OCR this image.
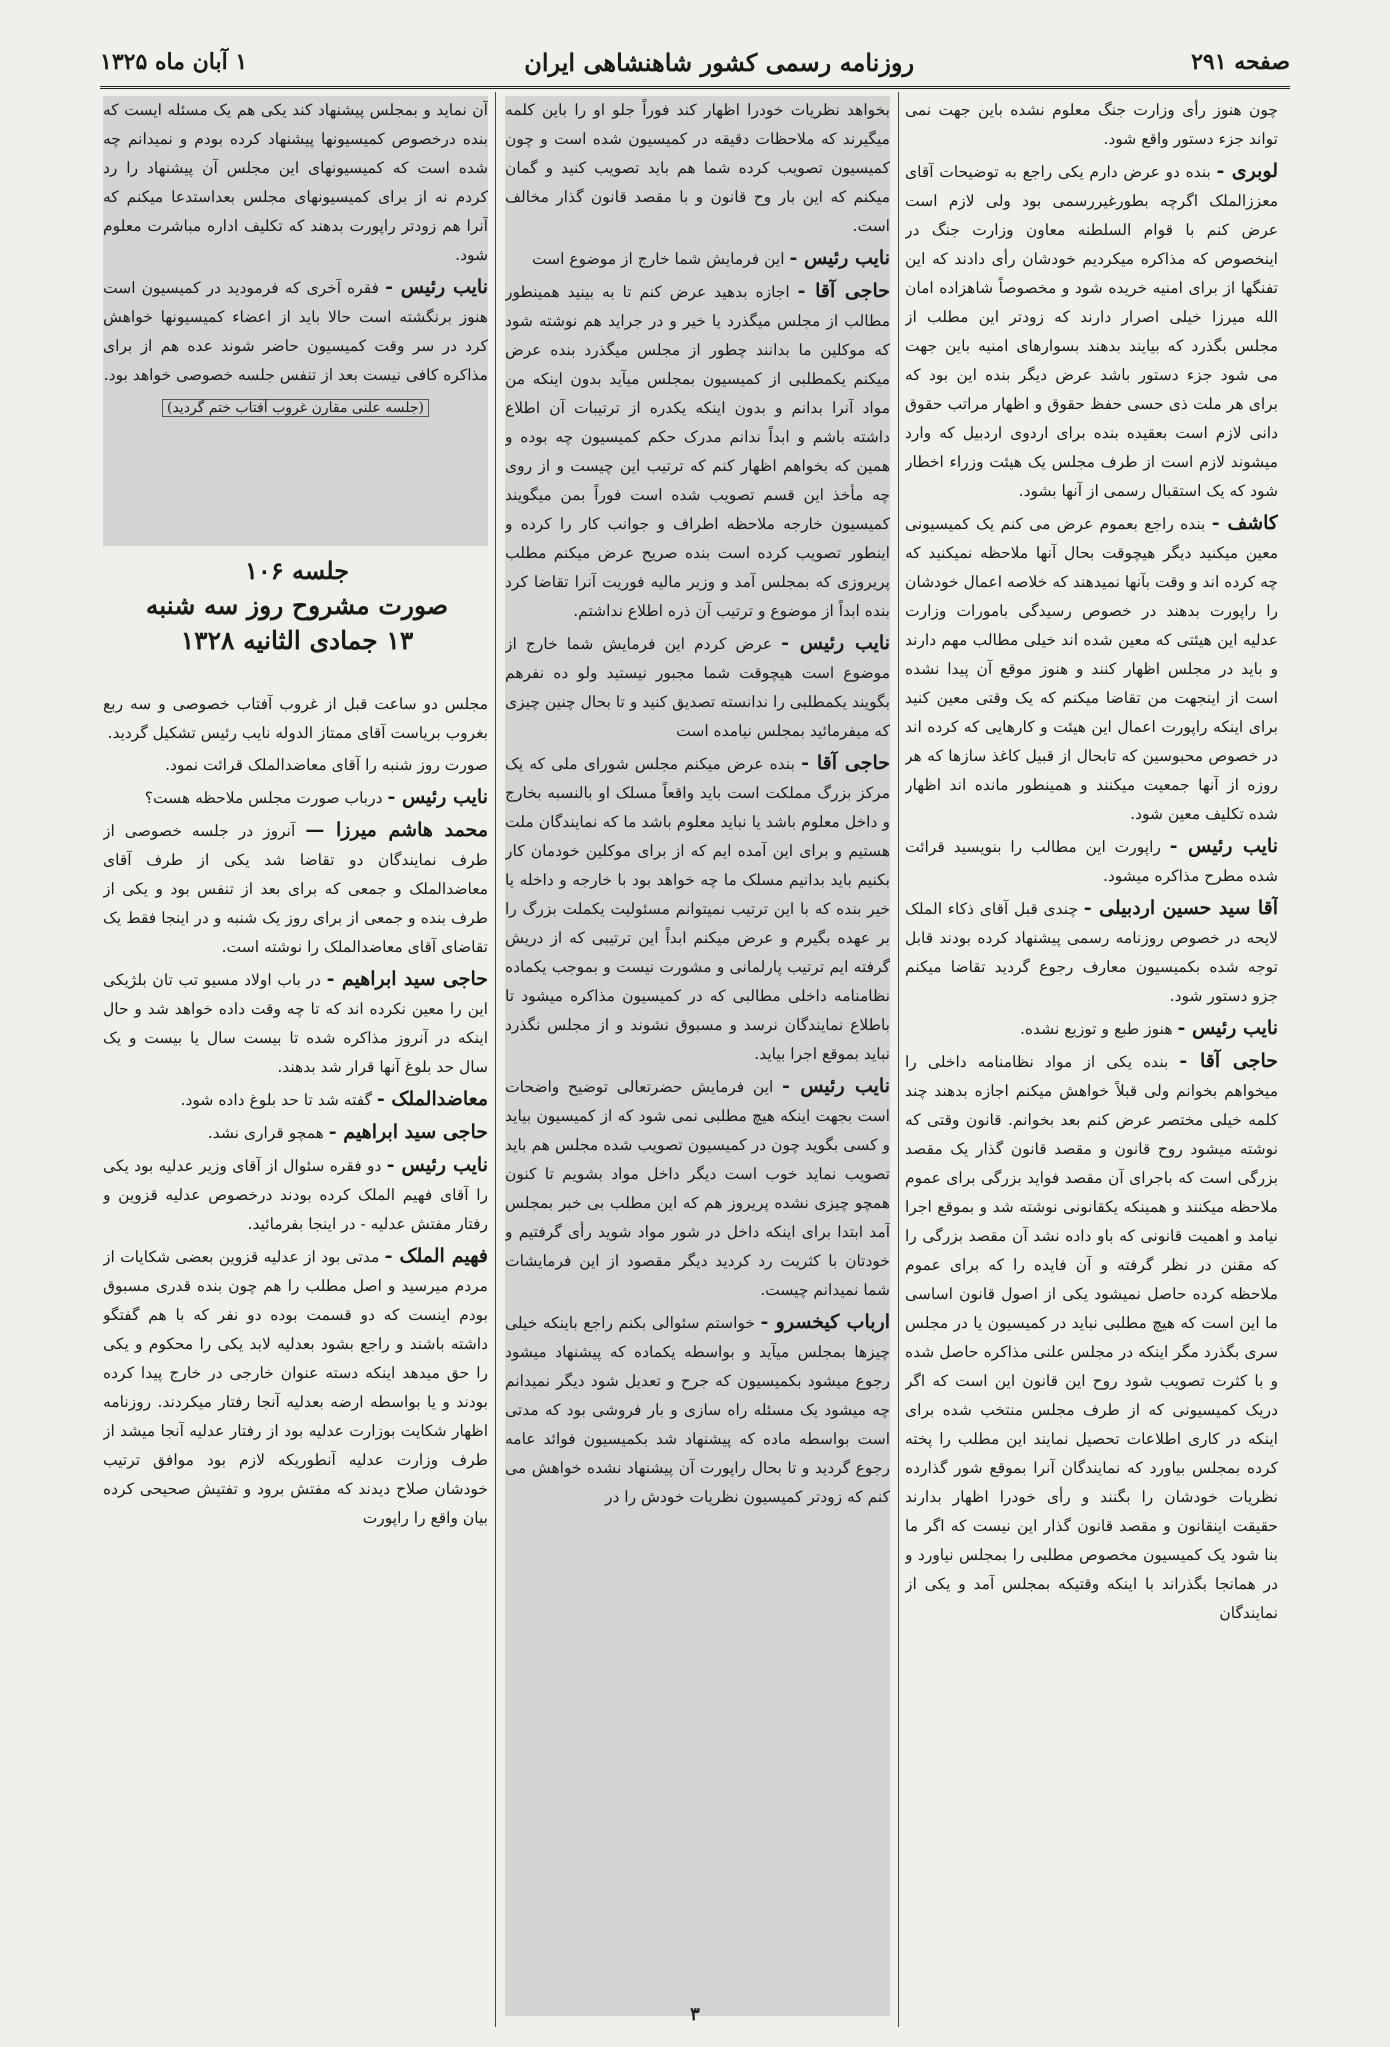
صفحه ۲۹۱
روزنامه رسمی کشور شاهنشاهی ایران
۱ آبان ماه ۱۳۲۵

چون هنوز رأی وزارت جنگ معلوم نشده باین جهت نمی تواند جزء دستور واقع شود.

لوبری - بنده دو عرض دارم یکی راجع به توضیحات آقای معززالملک اگرچه بطورغیررسمی بود ولی لازم است عرض کنم با قوام السلطنه معاون وزارت جنگ در اینخصوص که مذاکره میکردیم خودشان رأی دادند که این تفنگها از برای امنیه خریده شود و مخصوصاً شاهزاده امان الله میرزا خیلی اصرار دارند که زودتر این مطلب از مجلس بگذرد که بیایند بدهند بسوارهای امنیه باین جهت می شود جزء دستور باشد عرض دیگر بنده این بود که برای هر ملت ذی حسی حفظ حقوق و اظهار مراتب حقوق دانی لازم است بعقیده بنده برای اردوی اردبیل که وارد میشوند لازم است از طرف مجلس یک هیئت وزراء اخطار شود که یک استقبال رسمی از آنها بشود.

کاشف - بنده راجع بعموم عرض می کنم یک کمیسیونی معین میکنید دیگر هیچوقت بحال آنها ملاحظه نمیکنید که چه کرده اند و وقت بآنها نمیدهند که خلاصه اعمال خودشان را راپورت بدهند در خصوص رسیدگی بامورات وزارت عدلیه این هیئتی که معین شده اند خیلی مطالب مهم دارند و باید در مجلس اظهار کنند و هنوز موقع آن پیدا نشده است از اینجهت من تقاضا میکنم که یک وقتی معین کنید برای اینکه راپورت اعمال این هیئت و کارهایی که کرده اند در خصوص محبوسین که تابحال از قبیل کاغذ سازها که هر روزه از آنها جمعیت میکنند و همینطور مانده اند اظهار شده تکلیف معین شود.

نایب رئیس - راپورت این مطالب را بنویسید قرائت شده مطرح مذاکره میشود.

آقا سید حسین اردبیلی - چندی قبل آقای ذکاء الملک لایحه در خصوص روزنامه رسمی پیشنهاد کرده بودند قابل توجه شده بکمیسیون معارف رجوع گردید تقاضا میکنم جزو دستور شود.

نایب رئیس - هنوز طبع و توزیع نشده.

حاجی آقا - بنده یکی از مواد نظامنامه داخلی را میخواهم بخوانم ولی قبلاً خواهش میکنم اجازه بدهند چند کلمه خیلی مختصر عرض کنم بعد بخوانم. قانون وقتی که نوشته میشود روح قانون و مقصد قانون گذار یک مقصد بزرگی است که باجرای آن مقصد فواید بزرگی برای عموم ملاحظه میکنند و همینکه یکقانونی نوشته شد و بموقع اجرا نیامد و اهمیت قانونی که باو داده نشد آن مقصد بزرگی را که مقنن در نظر گرفته و آن فایده را که برای عموم ملاحظه کرده حاصل نمیشود یکی از اصول قانون اساسی ما این است که هیچ مطلبی نباید در کمیسیون یا در مجلس سری بگذرد مگر اینکه در مجلس علنی مذاکره حاصل شده و با کثرت تصویب شود روح این قانون این است که اگر دریک کمیسیونی که از طرف مجلس منتخب شده برای اینکه در کاری اطلاعات تحصیل نمایند این مطلب را پخته کرده بمجلس بیاورد که نمایندگان آنرا بموقع شور گذارده نظریات خودشان را بگنند و رأی خودرا اظهار بدارند حقیقت اینقانون و مقصد قانون گذار این نیست که اگر ما بنا شود یک کمیسیون مخصوص مطلبی را بمجلس نیاورد و در همانجا بگذراند با اینکه وقتیکه بمجلس آمد و یکی از نمایندگان

بخواهد نظریات خودرا اظهار کند فوراً جلو او را باین کلمه میگیرند که ملاحظات دقیقه در کمیسیون شده است و چون کمیسیون تصویب کرده شما هم باید تصویب کنید و گمان میکنم که این بار وح قانون و با مقصد قانون گذار مخالف است.

نایب رئیس - این فرمایش شما خارج از موضوع است

حاجی آقا - اجازه بدهید عرض کنم تا به بینید همینطور مطالب از مجلس میگذرد یا خیر و در جراید هم نوشته شود که موکلین ما بدانند چطور از مجلس میگذرد بنده عرض میکنم یکمطلبی از کمیسیون بمجلس میآید بدون اینکه من مواد آنرا بدانم و بدون اینکه یکدره از ترتیبات آن اطلاع داشته باشم و ابداً ندانم مدرک حکم کمیسیون چه بوده و همین که بخواهم اظهار کنم که ترتیب این چیست و از روی چه مأخذ این قسم تصویب شده است فوراً بمن میگویند کمیسیون خارجه ملاحظه اطراف و جوانب کار را کرده و اینطور تصویب کرده است بنده صریح عرض میکنم مطلب پریروزی که بمجلس آمد و وزیر مالیه فوریت آنرا تقاضا کرد بنده ابداً از موضوع و ترتیب آن ذره اطلاع نداشتم.

نایب رئیس - عرض کردم این فرمایش شما خارج از موضوع است هیچوقت شما مجبور نیستید ولو ده نفرهم بگویند یکمطلبی را ندانسته تصدیق کنید و تا بحال چنین چیزی که میفرمائید بمجلس نیامده است

حاجی آقا - بنده عرض میکنم مجلس شورای ملی که یک مرکز بزرگ مملکت است باید واقعاً مسلک او بالنسبه بخارج و داخل معلوم باشد یا نباید معلوم باشد ما که نمایندگان ملت هستیم و برای این آمده ایم که از برای موکلین خودمان کار بکنیم باید بدانیم مسلک ما چه خواهد بود با خارجه و داخله یا خیر بنده که با این ترتیب نمیتوانم مسئولیت یکملت بزرگ را بر عهده بگیرم و عرض میکنم ابداً این ترتیبی که از دریش گرفته ایم ترتیب پارلمانی و مشورت نیست و بموجب یکماده نظامنامه داخلی مطالبی که در کمیسیون مذاکره میشود تا باطلاع نمایندگان نرسد و مسبوق نشوند و از مجلس نگذرد نباید بموقع اجرا بیاید.

نایب رئیس - این فرمایش حضرتعالی توضیح واضحات است بجهت اینکه هیچ مطلبی نمی شود که از کمیسیون بیاید و کسی بگوید چون در کمیسیون تصویب شده مجلس هم باید تصویب نماید خوب است دیگر داخل مواد بشویم تا کنون همچو چیزی نشده پریروز هم که این مطلب بی خبر بمجلس آمد ابتدا برای اینکه داخل در شور مواد شوید رأی گرفتیم و خودتان با کثریت رد کردید دیگر مقصود از این فرمایشات شما نمیدانم چیست.

ارباب کیخسرو - خواستم سئوالی بکنم راجع باینکه خیلی چیزها بمجلس میآید و بواسطه یکماده که پیشنهاد میشود رجوع میشود بکمیسیون که جرح و تعدیل شود دیگر نمیدانم چه میشود یک مسئله راه سازی و بار فروشی بود که مدتی است بواسطه ماده که پیشنهاد شد بکمیسیون فوائد عامه رجوع گردید و تا بحال راپورت آن پیشنهاد نشده خواهش می کنم که زودتر کمیسیون نظریات خودش را در

آن نماید و بمجلس پیشنهاد کند یکی هم یک مسئله ایست که بنده درخصوص کمیسیونها پیشنهاد کرده بودم و نمیدانم چه شده است که کمیسیونهای این مجلس آن پیشنهاد را رد کردم نه از برای کمیسیونهای مجلس بعداستدعا میکنم که آنرا هم زودتر راپورت بدهند که تکلیف اداره مباشرت معلوم شود.

نایب رئیس - فقره آخری که فرمودید در کمیسیون است هنوز برنگشته است حالا باید از اعضاء کمیسیونها خواهش کرد در سر وقت کمیسیون حاضر شوند عده هم از برای مذاکره کافی نیست بعد از تنفس جلسه خصوصی خواهد بود.

(جلسه علنی مقارن غروب آفتاب ختم گردید)

جلسه ۱۰۶
صورت مشروح روز سه شنبه
۱۳ جمادی الثانیه ۱۳۲۸

مجلس دو ساعت قبل از غروب آفتاب خصوصی و سه ربع بغروب بریاست آقای ممتاز الدوله نایب رئیس تشکیل گردید.

صورت روز شنبه را آقای معاضدالملک قرائت نمود.

نایب رئیس - درباب صورت مجلس ملاحظه هست؟

محمد هاشم میرزا — آنروز در جلسه خصوصی از طرف نمایندگان دو تقاضا شد یکی از طرف آقای معاضدالملک و جمعی که برای بعد از تنفس بود و یکی از طرف بنده و جمعی از برای روز یک شنبه و در اینجا فقط یک تقاضای آقای معاضدالملک را نوشته است.

حاجی سید ابراهیم - در باب اولاد مسیو تب تان بلژیکی این را معین نکرده اند که تا چه وقت داده خواهد شد و حال اینکه در آنروز مذاکره شده تا بیست سال یا بیست و یک سال حد بلوغ آنها قرار شد بدهند.

معاضدالملک - گفته شد تا حد بلوغ داده شود.

حاجی سید ابراهیم - همچو قراری نشد.

نایب رئیس - دو فقره سئوال از آقای وزیر عدلیه بود یکی را آقای فهیم الملک کرده بودند درخصوص عدلیه قزوین و رفتار مفتش عدلیه - در اینجا بفرمائید.

فهیم الملک - مدتی بود از عدلیه قزوین بعضی شکایات از مردم میرسید و اصل مطلب را هم چون بنده قدری مسبوق بودم اینست که دو قسمت بوده دو نفر که با هم گفتگو داشته باشند و راجع بشود بعدلیه لابد یکی را محکوم و یکی را حق میدهد اینکه دسته عنوان خارجی در خارج پیدا کرده بودند و یا بواسطه ارضه بعدلیه آنجا رفتار میکردند. روزنامه اظهار شکایت بوزارت عدلیه بود از رفتار عدلیه آنجا میشد از طرف وزارت عدلیه آنطوریکه لازم بود موافق ترتیب خودشان صلاح دیدند که مفتش برود و تفتیش صحیحی کرده بیان واقع را راپورت

۳
